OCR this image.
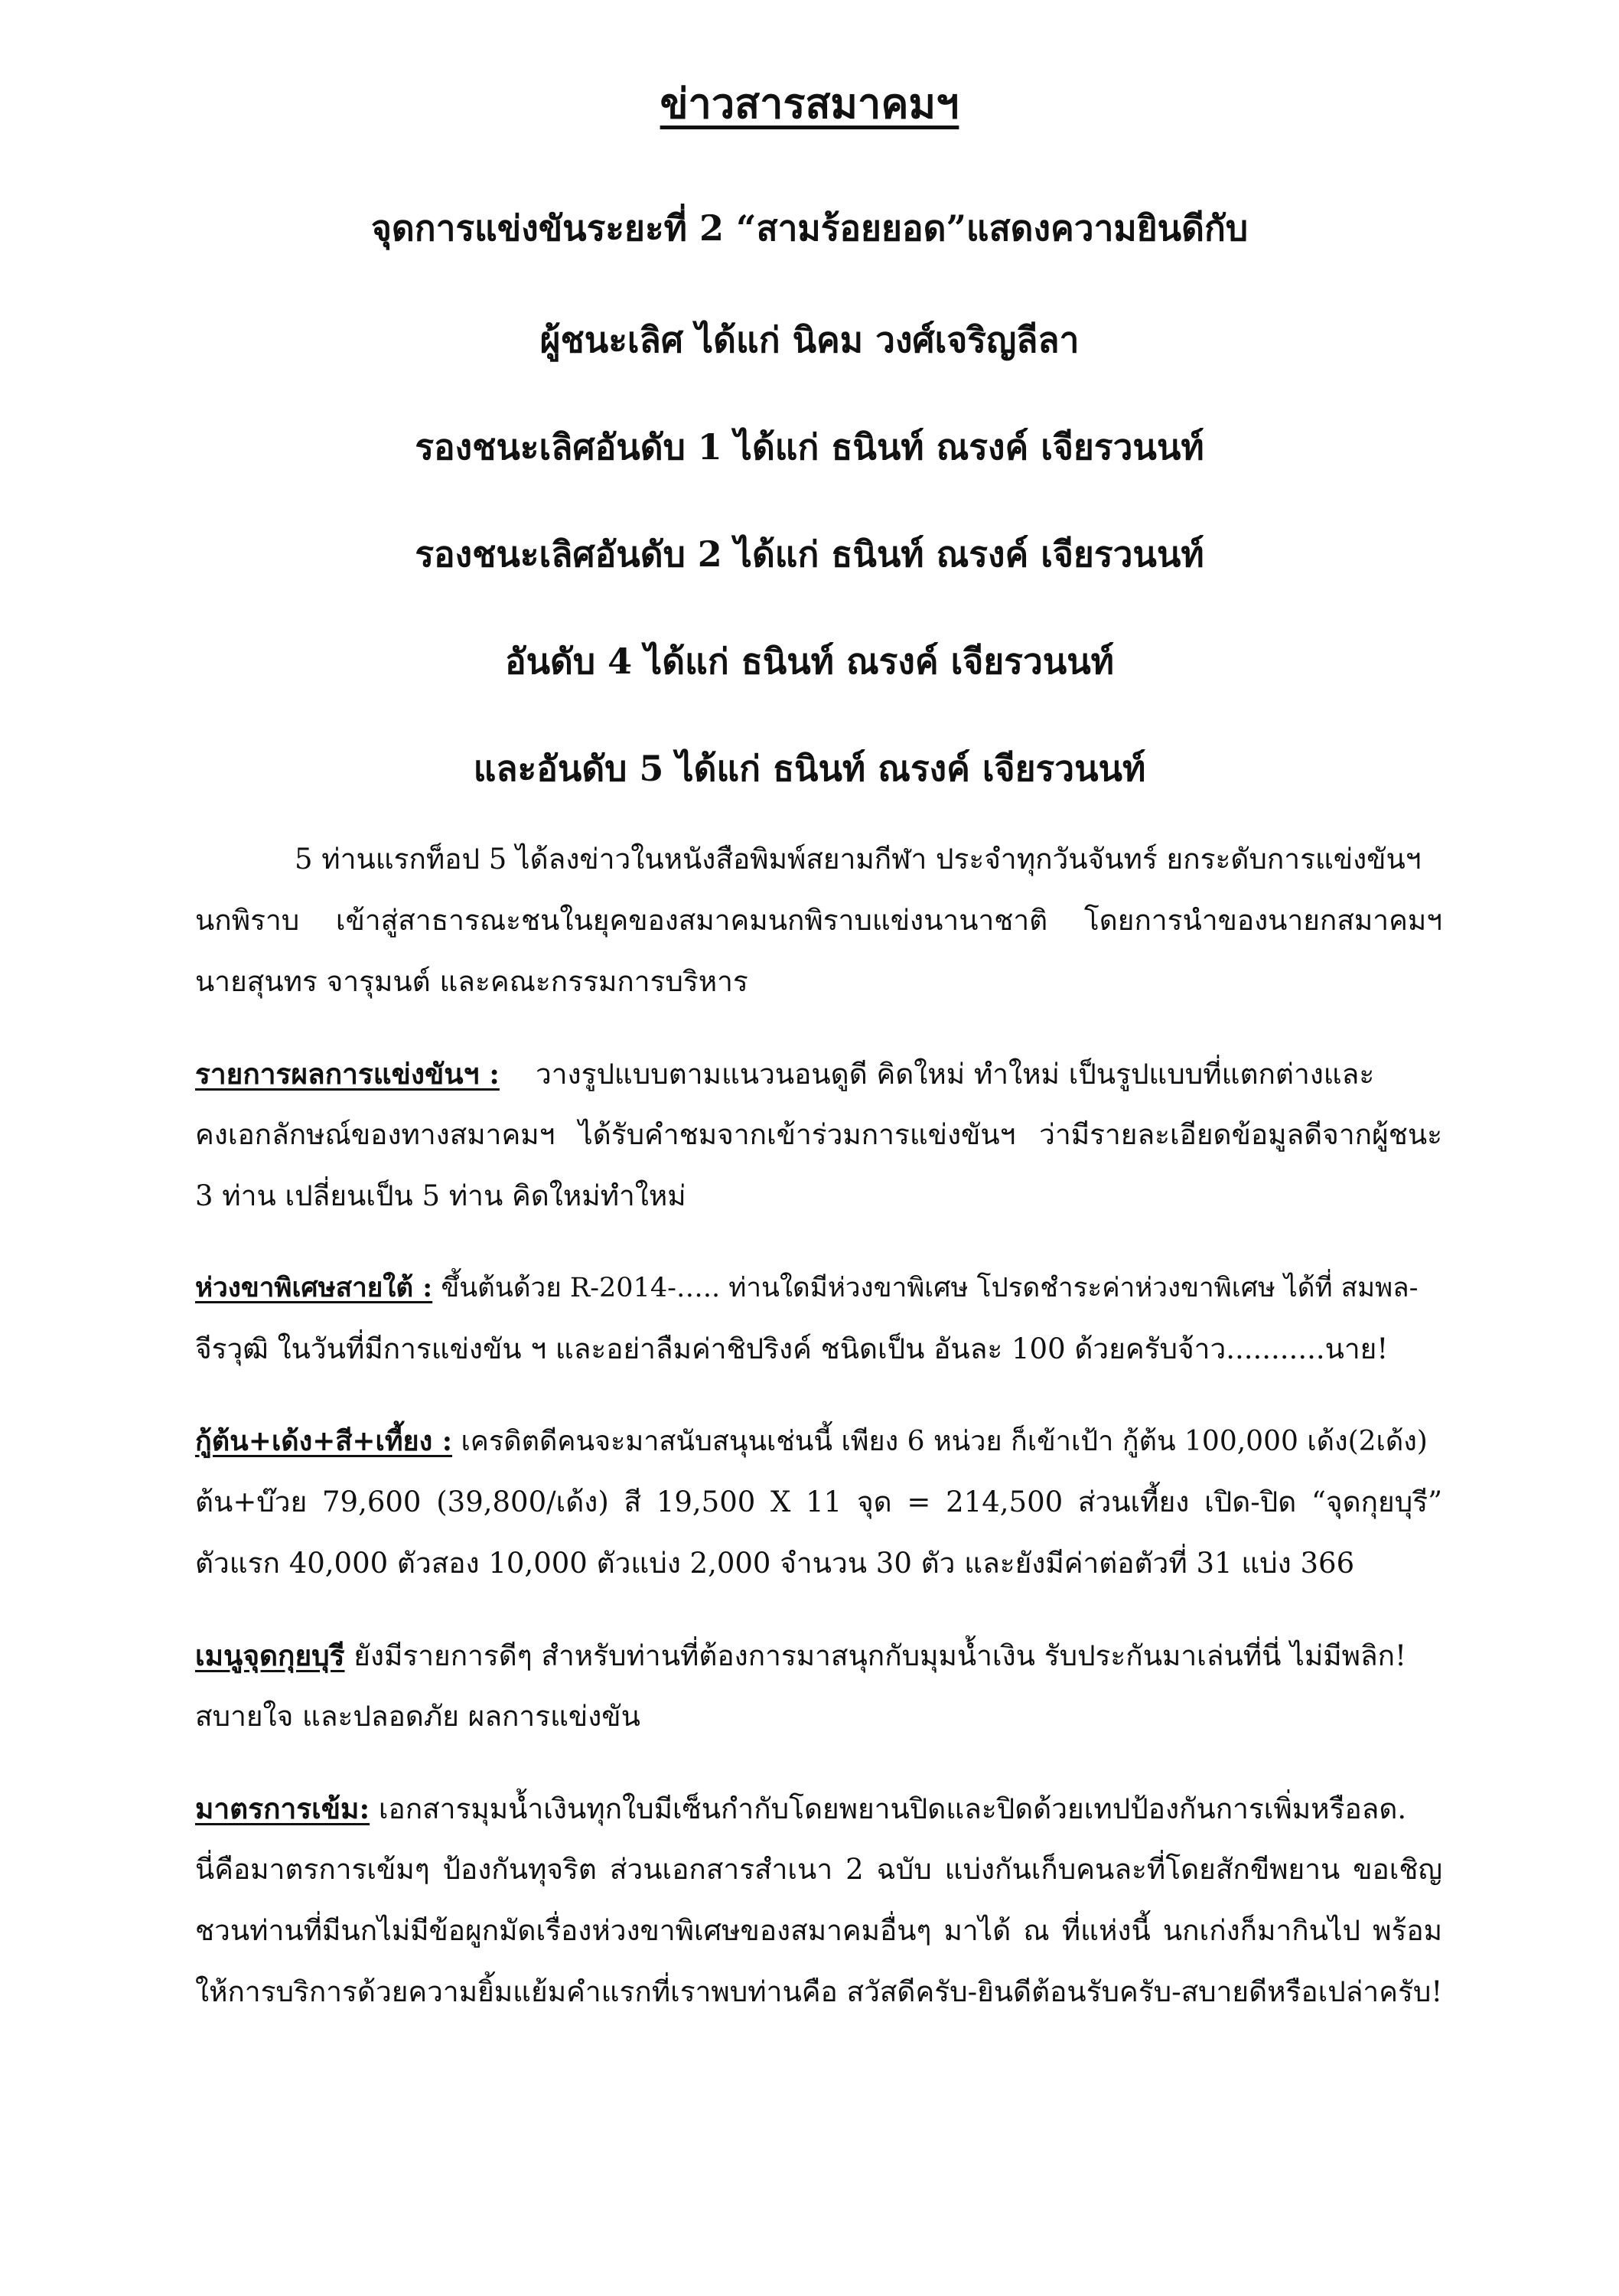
ข่าวสารสมาคมฯ
จุดการแข่งขันระยะที่ 2 “สามร้อยยอด”แสดงความยินดีกับ
ผู้ชนะเลิศ ได้แก่ นิคม วงศ์เจริญลีลา
รองชนะเลิศอันดับ 1 ได้แก่ ธนินท์ ณรงค์ เจียรวนนท์
รองชนะเลิศอันดับ 2 ได้แก่ ธนินท์ ณรงค์ เจียรวนนท์
อันดับ 4 ได้แก่ ธนินท์ ณรงค์ เจียรวนนท์
และอันดับ 5 ได้แก่ ธนินท์ ณรงค์ เจียรวนนท์
5 ท่านแรกท็อป 5 ได้ลงข่าวในหนังสือพิมพ์สยามกีฬา ประจำทุกวันจันทร์ ยกระดับการแข่งขันฯ
นกพิราบ เข้าสู่สาธารณะชนในยุคของสมาคมนกพิราบแข่งนานาชาติ โดยการนำของนายกสมาคมฯ
นายสุนทร จารุมนต์ และคณะกรรมการบริหาร
รายการผลการแข่งขันฯ : วางรูปแบบตามแนวนอนดูดี คิดใหม่ ทำใหม่ เป็นรูปแบบที่แตกต่างและ
คงเอกลักษณ์ของทางสมาคมฯ ได้รับคำชมจากเข้าร่วมการแข่งขันฯ ว่ามีรายละเอียดข้อมูลดีจากผู้ชนะ
3 ท่าน เปลี่ยนเป็น 5 ท่าน คิดใหม่ทำใหม่
ห่วงขาพิเศษสายใต้ : ขึ้นต้นด้วย R-2014-….. ท่านใดมีห่วงขาพิเศษ โปรดชำระค่าห่วงขาพิเศษ ได้ที่ สมพล-
จีรวุฒิ ในวันที่มีการแข่งขัน ฯ และอย่าลืมค่าชิปริงค์ ชนิดเป็น อันละ 100 ด้วยครับจ้าว...........นาย!
กู้ต้น+เด้ง+สี+เที้ยง : เครดิตดีคนจะมาสนับสนุนเช่นนี้ เพียง 6 หน่วย ก็เข้าเป้า กู้ต้น 100,000 เด้ง(2เด้ง)
ต้น+บ๊วย 79,600 (39,800/เด้ง) สี 19,500 X 11 จุด = 214,500 ส่วนเที้ยง เปิด-ปิด “จุดกุยบุรี”
ตัวแรก 40,000 ตัวสอง 10,000 ตัวแบ่ง 2,000 จำนวน 30 ตัว และยังมีค่าต่อตัวที่ 31 แบ่ง 366
เมนูจุดกุยบุรี ยังมีรายการดีๆ สำหรับท่านที่ต้องการมาสนุกกับมุมน้ำเงิน รับประกันมาเล่นที่นี่ ไม่มีพลิก!
สบายใจ และปลอดภัย ผลการแข่งขัน
มาตรการเข้ม: เอกสารมุมน้ำเงินทุกใบมีเซ็นกำกับโดยพยานปิดและปิดด้วยเทปป้องกันการเพิ่มหรือลด.
นี่คือมาตรการเข้มๆ ป้องกันทุจริต ส่วนเอกสารสำเนา 2 ฉบับ แบ่งกันเก็บคนละที่โดยสักขีพยาน ขอเชิญ
ชวนท่านที่มีนกไม่มีข้อผูกมัดเรื่องห่วงขาพิเศษของสมาคมอื่นๆ มาได้ ณ ที่แห่งนี้ นกเก่งก็มากินไป พร้อม
ให้การบริการด้วยความยิ้มแย้มคำแรกที่เราพบท่านคือ สวัสดีครับ-ยินดีต้อนรับครับ-สบายดีหรือเปล่าครับ!
